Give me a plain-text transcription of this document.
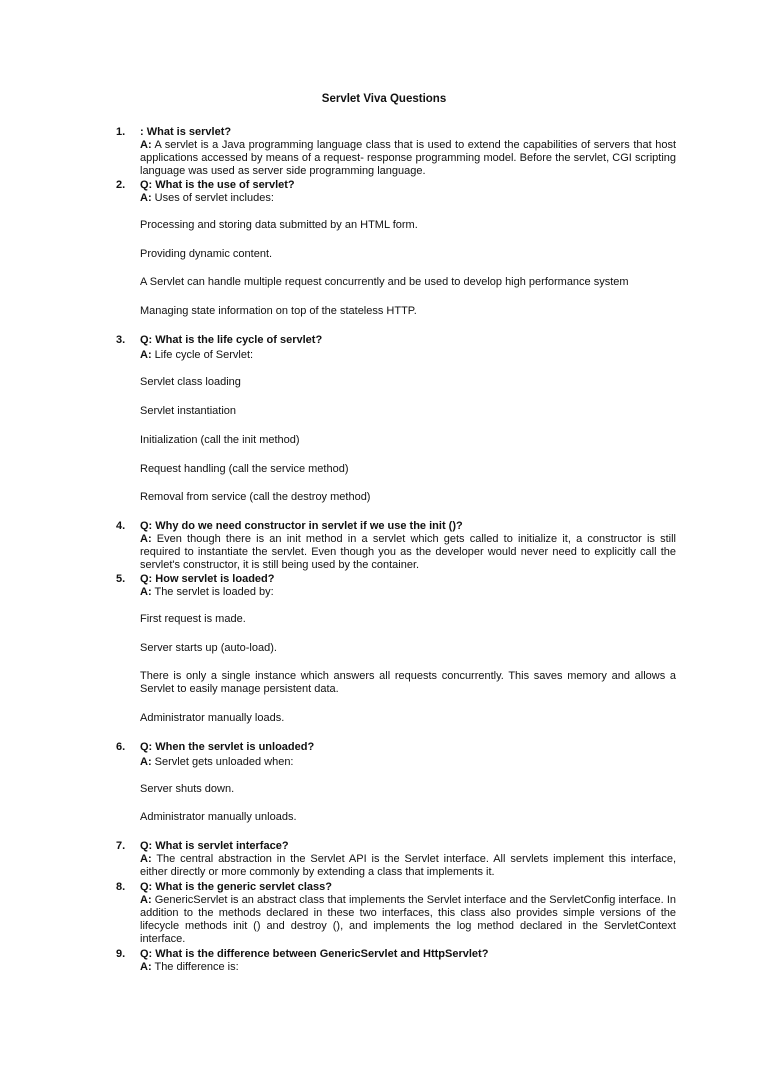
Servlet Viva Questions
1. : What is servlet?
A: A servlet is a Java programming language class that is used to extend the capabilities of servers that host applications accessed by means of a request- response programming model. Before the servlet, CGI scripting language was used as server side programming language.
2. Q: What is the use of servlet?
A: Uses of servlet includes:
Processing and storing data submitted by an HTML form.
Providing dynamic content.
A Servlet can handle multiple request concurrently and be used to develop high performance system
Managing state information on top of the stateless HTTP.
3. Q: What is the life cycle of servlet?
A: Life cycle of Servlet:
Servlet class loading
Servlet instantiation
Initialization (call the init method)
Request handling (call the service method)
Removal from service (call the destroy method)
4. Q: Why do we need constructor in servlet if we use the init ()?
A: Even though there is an init method in a servlet which gets called to initialize it, a constructor is still required to instantiate the servlet. Even though you as the developer would never need to explicitly call the servlet's constructor, it is still being used by the container.
5. Q: How servlet is loaded?
A: The servlet is loaded by:
First request is made.
Server starts up (auto-load).
There is only a single instance which answers all requests concurrently. This saves memory and allows a Servlet to easily manage persistent data.
Administrator manually loads.
6. Q: When the servlet is unloaded?
A: Servlet gets unloaded when:
Server shuts down.
Administrator manually unloads.
7. Q: What is servlet interface?
A: The central abstraction in the Servlet API is the Servlet interface. All servlets implement this interface, either directly or more commonly by extending a class that implements it.
8. Q: What is the generic servlet class?
A: GenericServlet is an abstract class that implements the Servlet interface and the ServletConfig interface. In addition to the methods declared in these two interfaces, this class also provides simple versions of the lifecycle methods init () and destroy (), and implements the log method declared in the ServletContext interface.
9. Q: What is the difference between GenericServlet and HttpServlet?
A: The difference is:
